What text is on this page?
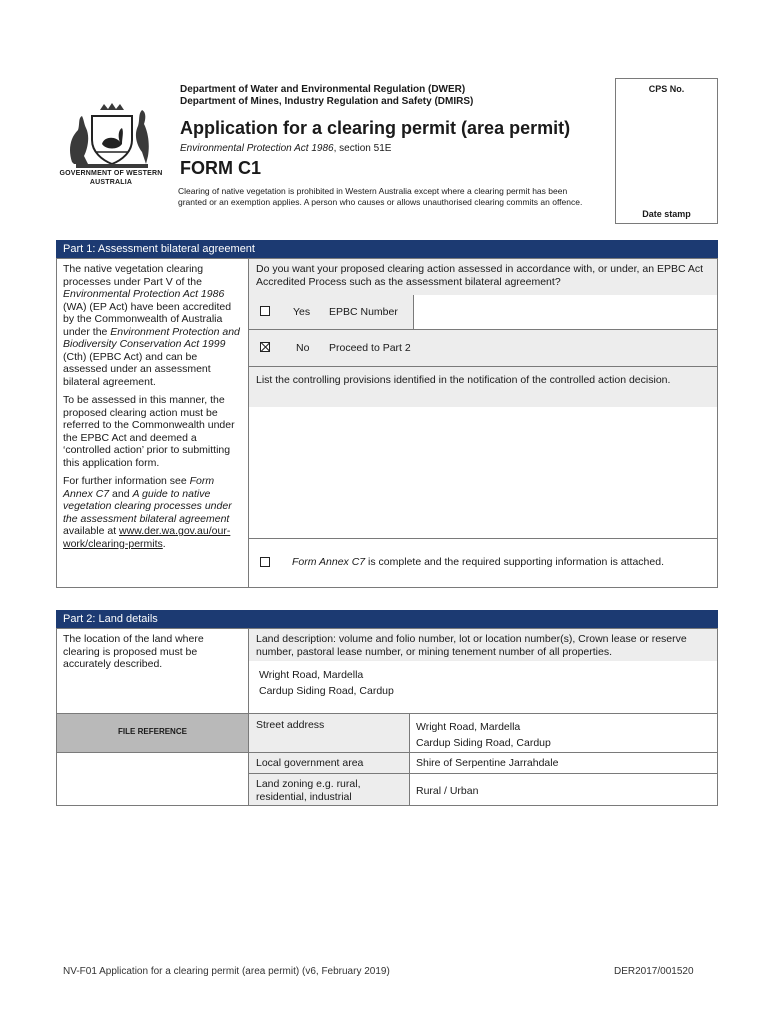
GOVERNMENT OF WESTERN AUSTRALIA
Department of Water and Environmental Regulation (DWER)
Department of Mines, Industry Regulation and Safety (DMIRS)
Application for a clearing permit (area permit)
Environmental Protection Act 1986, section 51E
FORM C1
Clearing of native vegetation is prohibited in Western Australia except where a clearing permit has been granted or an exemption applies. A person who causes or allows unauthorised clearing commits an offence.
CPS No.
Date stamp
Part 1: Assessment bilateral agreement
The native vegetation clearing processes under Part V of the Environmental Protection Act 1986 (WA) (EP Act) have been accredited by the Commonwealth of Australia under the Environment Protection and Biodiversity Conservation Act 1999 (Cth) (EPBC Act) and can be assessed under an assessment bilateral agreement.
To be assessed in this manner, the proposed clearing action must be referred to the Commonwealth under the EPBC Act and deemed a ‘controlled action’ prior to submitting this application form.
For further information see Form Annex C7 and A guide to native vegetation clearing processes under the assessment bilateral agreement available at www.der.wa.gov.au/our-work/clearing-permits.
Do you want your proposed clearing action assessed in accordance with, or under, an EPBC Act Accredited Process such as the assessment bilateral agreement?
Yes EPBC Number
No Proceed to Part 2
List the controlling provisions identified in the notification of the controlled action decision.
Form Annex C7 is complete and the required supporting information is attached.
Part 2: Land details
The location of the land where clearing is proposed must be accurately described.
Land description: volume and folio number, lot or location number(s), Crown lease or reserve number, pastoral lease number, or mining tenement number of all properties.
Wright Road, Mardella
Cardup Siding Road, Cardup
FILE REFERENCE
Street address	Wright Road, Mardella
Cardup Siding Road, Cardup
Local government area	Shire of Serpentine Jarrahdale
Land zoning e.g. rural, residential, industrial	Rural / Urban
NV-F01 Application for a clearing permit (area permit) (v6, February 2019)	DER2017/001520
